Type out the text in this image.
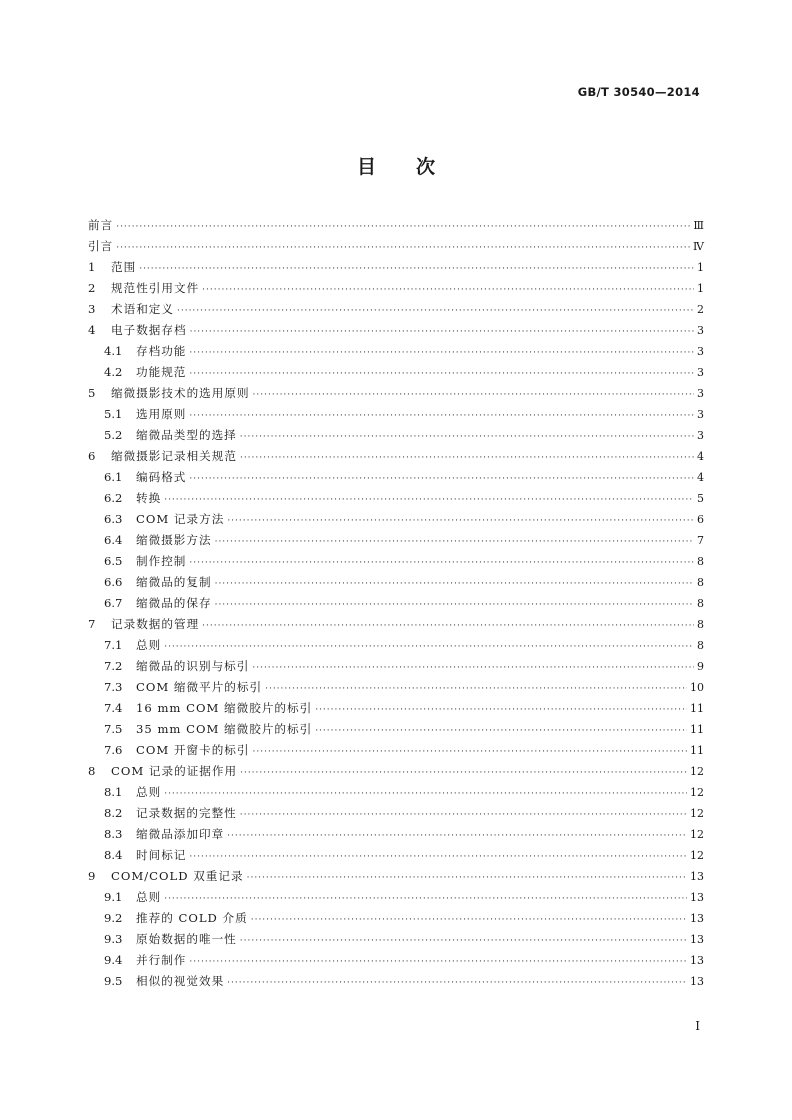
GB/T 30540—2014
目 次
前言 ·····	Ⅲ
引言 ·····	Ⅳ
1	范围 ·····	1
2	规范性引用文件 ·····	1
3	术语和定义 ·····	2
4	电子数据存档 ·····	3
4.1	存档功能 ·····	3
4.2	功能规范 ·····	3
5	缩微摄影技术的选用原则 ·····	3
5.1	选用原则 ·····	3
5.2	缩微品类型的选择 ·····	3
6	缩微摄影记录相关规范 ·····	4
6.1	编码格式 ·····	4
6.2	转换 ·····	5
6.3	COM 记录方法 ·····	6
6.4	缩微摄影方法 ·····	7
6.5	制作控制 ·····	8
6.6	缩微品的复制 ·····	8
6.7	缩微品的保存 ·····	8
7	记录数据的管理 ·····	8
7.1	总则 ·····	8
7.2	缩微品的识别与标引 ·····	9
7.3	COM 缩微平片的标引 ·····	10
7.4	16 mm COM 缩微胶片的标引 ·····	11
7.5	35 mm COM 缩微胶片的标引 ·····	11
7.6	COM 开窗卡的标引 ·····	11
8	COM 记录的证据作用 ·····	12
8.1	总则 ·····	12
8.2	记录数据的完整性 ·····	12
8.3	缩微品添加印章 ·····	12
8.4	时间标记 ·····	12
9	COM/COLD 双重记录 ·····	13
9.1	总则 ·····	13
9.2	推荐的 COLD 介质 ·····	13
9.3	原始数据的唯一性 ·····	13
9.4	并行制作 ·····	13
9.5	相似的视觉效果 ·····	13
I
